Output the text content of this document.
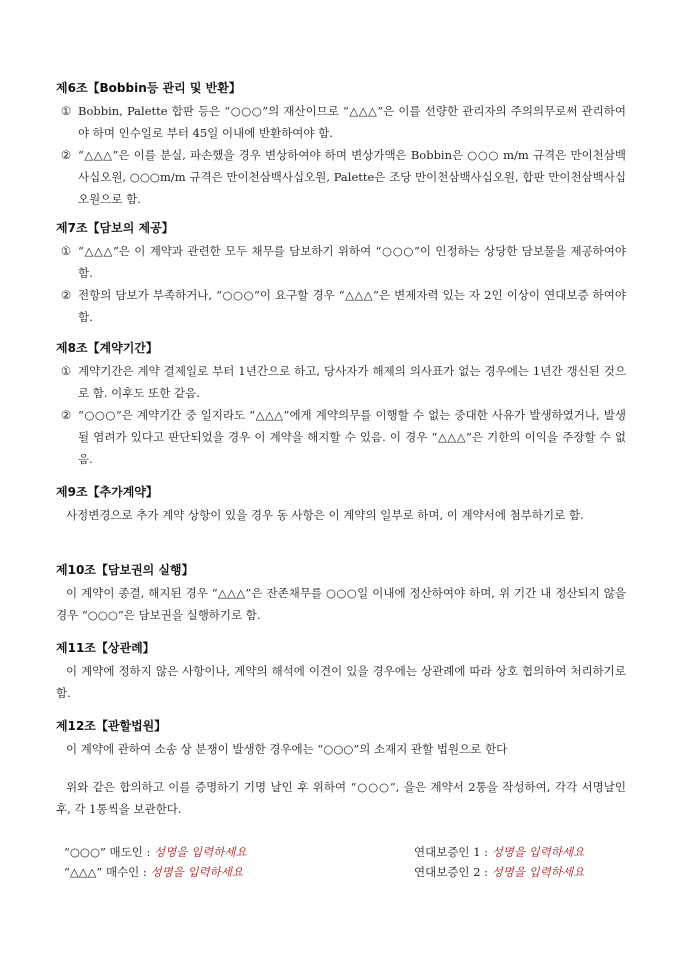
제6조【Bobbin등 관리 및 반환】
① Bobbin, Palette 합판 등은 “○○○”의 재산이므로 “△△△”은 이를 선량한 관리자의 주의의무로써 관리하여야 하며 인수일로 부터 45일 이내에 반환하여야 함.
② “△△△”은 이를 분실, 파손했을 경우 변상하여야 하며 변상가액은 Bobbin은 ○○○ m/m 규격은 만이천삼백사십오원, ○○○m/m 규격은 만이천삼백사십오원, Palette은 조당 만이천삼백사십오원, 합판 만이천삼백사십오원으로 함.
제7조【담보의 제공】
① “△△△”은 이 계약과 관련한 모두 채무를 담보하기 위하여 “○○○”이 인정하는 상당한 담보물을 제공하여야 함.
② 전항의 담보가 부족하거나, “○○○”이 요구할 경우 “△△△”은 변제자력 있는 자 2인 이상이 연대보증 하여야 함.
제8조【계약기간】
① 계약기간은 계약 결제일로 부터 1년간으로 하고, 당사자가 해제의 의사표가 없는 경우에는 1년간 갱신된 것으로 함. 이후도 또한 같음.
② “○○○”은 계약기간 중 일지라도 “△△△”에게 계약의무를 이행할 수 없는 중대한 사유가 발생하였거나, 발생될 염려가 있다고 판단되었을 경우 이 계약을 해지할 수 있음. 이 경우 “△△△”은 기한의 이익을 주장할 수 없음.
제9조【추가계약】

사정변경으로 추가 계약 상항이 있을 경우 동 사항은 이 계약의 일부로 하며, 이 계약서에 첨부하기로 함.

제10조【담보권의 실행】

이 계약이 종결, 해지된 경우 “△△△”은 잔존채무를 ○○○일 이내에 정산하여야 하며, 위 기간 내 정산되지 않을 경우 “○○○”은 담보권을 실행하기로 함.

제11조【상관례】

이 계약에 정하지 않은 사항이나, 계약의 해석에 이견이 있을 경우에는 상관례에 따라 상호 협의하여 처리하기로 함.

제12조【관할법원】

이 계약에 관하여 소송 상 분쟁이 발생한 경우에는 “○○○”의 소재지 관할 법원으로 한다

위와 같은 합의하고 이를 증명하기 기명 날인 후 위하여 “○○○”, 을은 계약서 2통을 작성하여, 각각 서명날인 후, 각 1통씩을 보관한다.

“○○○” 매도인 : 성명을 입력하세요
“△△△” 매수인 : 성명을 입력하세요
연대보증인 1 : 성명을 입력하세요
연대보증인 2 : 성명을 입력하세요
